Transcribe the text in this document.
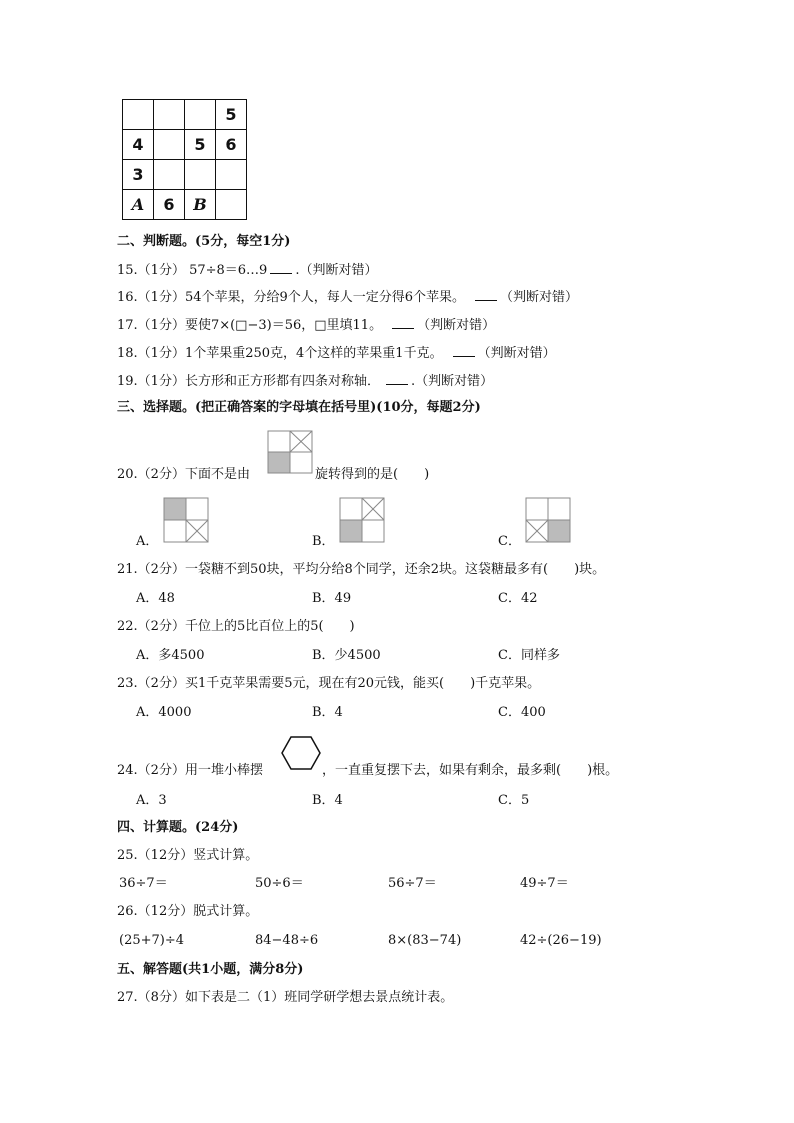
			5
4		5	6
3			
A	6	B	
二、判断题。(5分，每空1分)
15.（1分） 57÷8＝6…9 .（判断对错）
16.（1分）54个苹果，分给9个人，每人一定分得6个苹果。	（判断对错）
17.（1分）要使7×(□−3)＝56，□里填11。	（判断对错）
18.（1分）1个苹果重250克，4个这样的苹果重1千克。	（判断对错）
19.（1分）长方形和正方形都有四条对称轴． .（判断对错）
三、选择题。(把正确答案的字母填在括号里)(10分，每题2分)
20.（2分）下面不是由	旋转得到的是(　　)
A．	B．	C．
21.（2分）一袋糖不到50块，平均分给8个同学，还余2块。这袋糖最多有(　　)块。
A．48	B．49	C．42
22.（2分）千位上的5比百位上的5(　　)
A．多4500	B．少4500	C．同样多
23.（2分）买1千克苹果需要5元，现在有20元钱，能买(　　)千克苹果。
A．4000	B．4	C．400
24.（2分）用一堆小棒摆	，一直重复摆下去，如果有剩余，最多剩(　　)根。
A．3	B．4	C．5
四、计算题。(24分)
25.（12分）竖式计算。
36÷7＝	50÷6＝	56÷7＝	49÷7＝
26.（12分）脱式计算。
(25+7)÷4	84−48÷6	8×(83−74)	42÷(26−19)
五、解答题(共1小题，满分8分)
27.（8分）如下表是二（1）班同学研学想去景点统计表。
